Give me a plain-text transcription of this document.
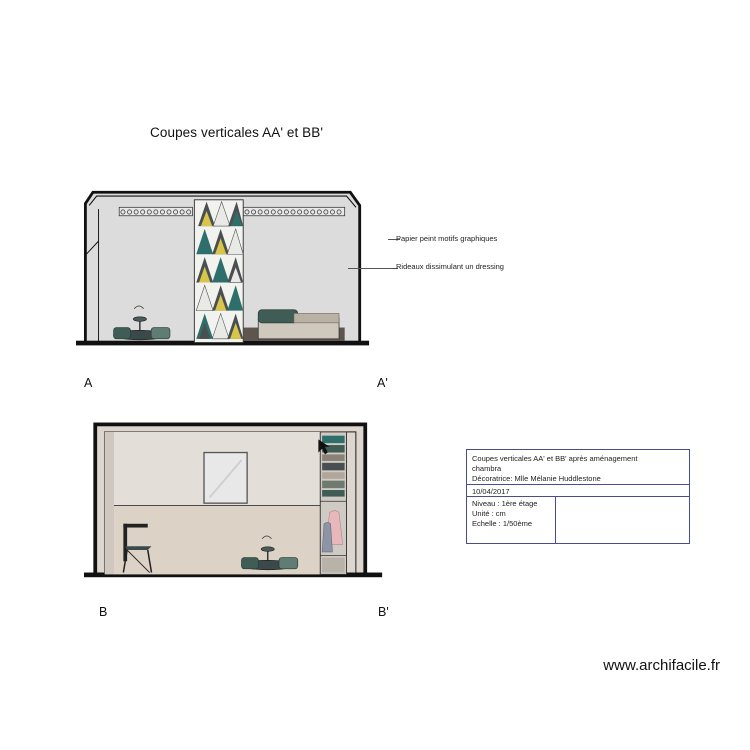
Coupes verticales AA' et BB'
Papier peint motifs graphiques
Rideaux dissimulant un dressing
A	A'
B	B'
Coupes verticales AA' et BB' après aménagement
chambra
Décoratrice: Mlle Mélanie Huddlestone
10/04/2017
Niveau : 1ère étage
Unité : cm
Echelle : 1/50ème
www.archifacile.fr
